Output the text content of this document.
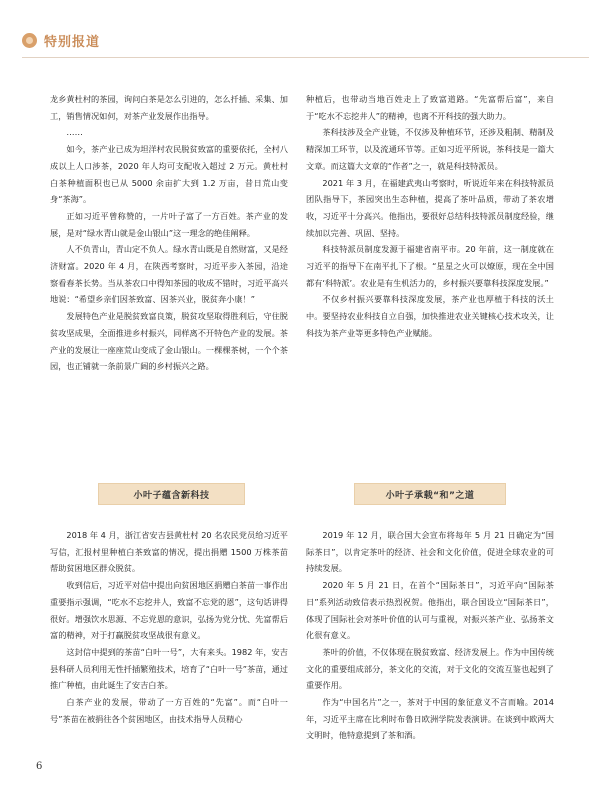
特别报道

龙乡黄杜村的茶园，询问白茶是怎么引进的，怎么扦插、采集、加工，销售情况如何，对茶产业发展作出指导。

……

如今，茶产业已成为坦洋村农民脱贫致富的重要依托，全村八成以上人口涉茶，2020 年人均可支配收入超过 2 万元。黄杜村白茶种植面积也已从 5000 余亩扩大到 1.2 万亩，昔日荒山变身“茶海”。

正如习近平曾称赞的，一片叶子富了一方百姓。茶产业的发展，是对“绿水青山就是金山银山”这一理念的绝佳阐释。

人不负青山，青山定不负人。绿水青山既是自然财富，又是经济财富。2020 年 4 月，在陕西考察时，习近平步入茶园，沿途察看春茶长势。当从茶农口中得知茶园的收成不错时，习近平高兴地说：“希望乡亲们因茶致富、因茶兴业，脱贫奔小康！”

发展特色产业是脱贫致富良策，脱贫攻坚取得胜利后，守住脱贫攻坚成果，全面推进乡村振兴，同样离不开特色产业的发展。茶产业的发展让一座座荒山变成了金山银山。一棵棵茶树，一个个茶园，也正铺就一条前景广阔的乡村振兴之路。

种植后，也带动当地百姓走上了致富道路。“先富帮后富”，来自于“吃水不忘挖井人”的精神，也离不开科技的强大助力。

茶科技涉及全产业链，不仅涉及种植环节，还涉及粗制、精制及精深加工环节，以及流通环节等。正如习近平所说，茶科技是一篇大文章。而这篇大文章的“作者”之一，就是科技特派员。

2021 年 3 月，在福建武夷山考察时，听说近年来在科技特派员团队指导下，茶园突出生态种植，提高了茶叶品质，带动了茶农增收，习近平十分高兴。他指出，要很好总结科技特派员制度经验，继续加以完善、巩固、坚持。

科技特派员制度发源于福建省南平市。20 年前，这一制度就在习近平的指导下在南平扎下了根。“星星之火可以燎原，现在全中国都有‘科特派’。农业是有生机活力的，乡村振兴要靠科技深度发展。”

不仅乡村振兴要靠科技深度发展，茶产业也厚植于科技的沃土中。要坚持农业科技自立自强，加快推进农业关键核心技术攻关，让科技为茶产业等更多特色产业赋能。

小叶子蕴含新科技	小叶子承载“和”之道

2018 年 4 月，浙江省安吉县黄杜村 20 名农民党员给习近平写信，汇报村里种植白茶致富的情况，提出捐赠 1500 万株茶苗帮助贫困地区群众脱贫。

收到信后，习近平对信中提出向贫困地区捐赠白茶苗一事作出重要指示强调，“吃水不忘挖井人，致富不忘党的恩”，这句话讲得很好。增强饮水思源、不忘党恩的意识，弘扬为党分忧、先富帮后富的精神，对于打赢脱贫攻坚战很有意义。

这封信中提到的茶苗“白叶一号”，大有来头。1982 年，安吉县科研人员利用无性扦插繁殖技术，培育了“白叶一号”茶苗，通过推广种植，由此诞生了安吉白茶。

白茶产业的发展，带动了一方百姓的“先富”。而“白叶一号”茶苗在被捐往各个贫困地区，由技术指导人员精心

2019 年 12 月，联合国大会宣布将每年 5 月 21 日确定为“国际茶日”，以肯定茶叶的经济、社会和文化价值，促进全球农业的可持续发展。

2020 年 5 月 21 日，在首个“国际茶日”，习近平向“国际茶日”系列活动致信表示热烈祝贺。他指出，联合国设立“国际茶日”，体现了国际社会对茶叶价值的认可与重视，对振兴茶产业、弘扬茶文化很有意义。

茶叶的价值，不仅体现在脱贫致富、经济发展上。作为中国传统文化的重要组成部分，茶文化的交流，对于文化的交流互鉴也起到了重要作用。

作为“中国名片”之一，茶对于中国的象征意义不言而喻。2014 年，习近平主席在比利时布鲁日欧洲学院发表演讲。在谈到中欧两大文明时，他特意提到了茶和酒。

6
